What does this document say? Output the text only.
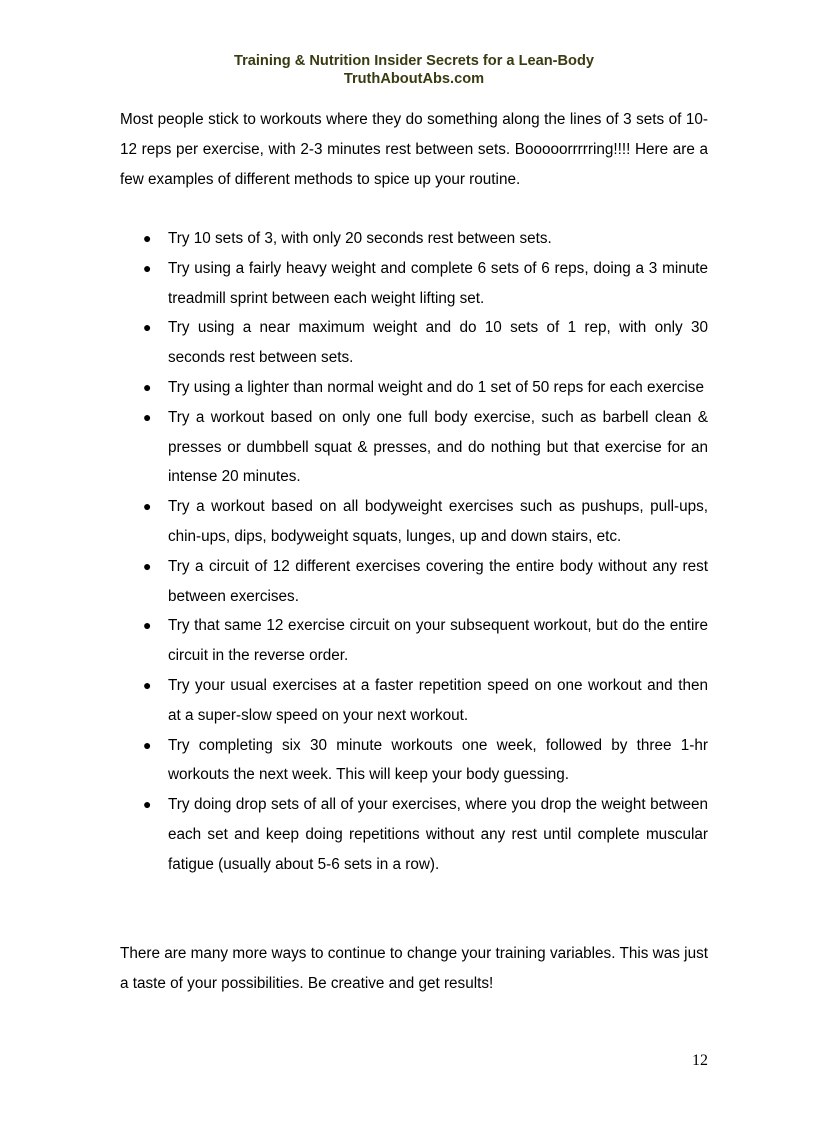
Training & Nutrition Insider Secrets for a Lean-Body
TruthAboutAbs.com

Most people stick to workouts where they do something along the lines of 3 sets of 10-12 reps per exercise, with 2-3 minutes rest between sets. Booooorrrrring!!!! Here are a few examples of different methods to spice up your routine.

● Try 10 sets of 3, with only 20 seconds rest between sets.
● Try using a fairly heavy weight and complete 6 sets of 6 reps, doing a 3 minute treadmill sprint between each weight lifting set.
● Try using a near maximum weight and do 10 sets of 1 rep, with only 30 seconds rest between sets.
● Try using a lighter than normal weight and do 1 set of 50 reps for each exercise
● Try a workout based on only one full body exercise, such as barbell clean & presses or dumbbell squat & presses, and do nothing but that exercise for an intense 20 minutes.
● Try a workout based on all bodyweight exercises such as pushups, pull-ups, chin-ups, dips, bodyweight squats, lunges, up and down stairs, etc.
● Try a circuit of 12 different exercises covering the entire body without any rest between exercises.
● Try that same 12 exercise circuit on your subsequent workout, but do the entire circuit in the reverse order.
● Try your usual exercises at a faster repetition speed on one workout and then at a super-slow speed on your next workout.
● Try completing six 30 minute workouts one week, followed by three 1-hr workouts the next week. This will keep your body guessing.
● Try doing drop sets of all of your exercises, where you drop the weight between each set and keep doing repetitions without any rest until complete muscular fatigue (usually about 5-6 sets in a row).

There are many more ways to continue to change your training variables. This was just a taste of your possibilities. Be creative and get results!

12
